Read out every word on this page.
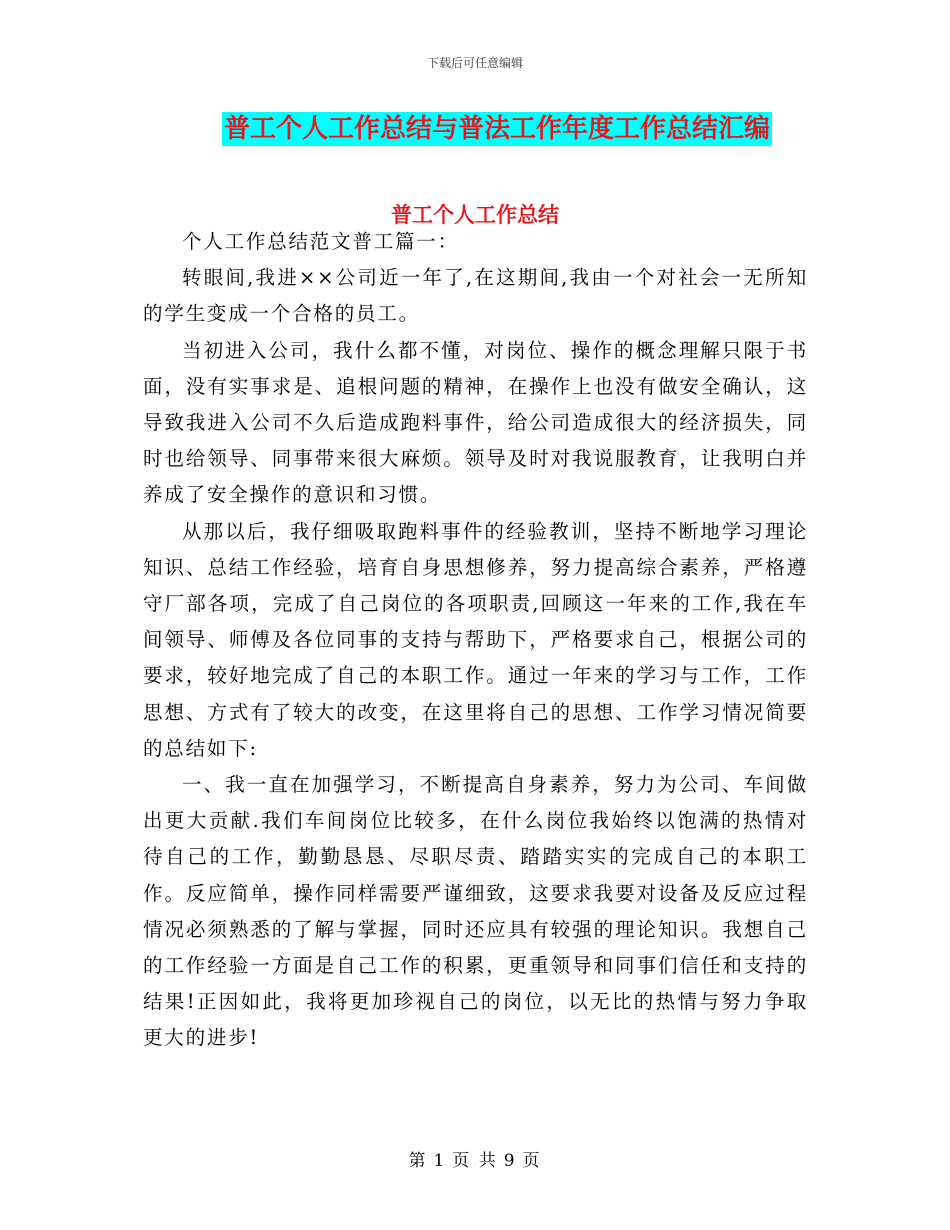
下载后可任意编辑
普工个人工作总结与普法工作年度工作总结汇编
普工个人工作总结

个人工作总结范文普工篇一：

转眼间,我进××公司近一年了,在这期间,我由一个对社会一无所知的学生变成一个合格的员工。

当初进入公司，我什么都不懂，对岗位、操作的概念理解只限于书面，没有实事求是、追根问题的精神，在操作上也没有做安全确认，这导致我进入公司不久后造成跑料事件，给公司造成很大的经济损失，同时也给领导、同事带来很大麻烦。领导及时对我说服教育，让我明白并养成了安全操作的意识和习惯。

从那以后，我仔细吸取跑料事件的经验教训，坚持不断地学习理论知识、总结工作经验，培育自身思想修养，努力提高综合素养，严格遵守厂部各项，完成了自己岗位的各项职责,回顾这一年来的工作,我在车间领导、师傅及各位同事的支持与帮助下，严格要求自己，根据公司的要求，较好地完成了自己的本职工作。通过一年来的学习与工作，工作思想、方式有了较大的改变，在这里将自己的思想、工作学习情况简要的总结如下:

一、我一直在加强学习，不断提高自身素养，努力为公司、车间做出更大贡献.我们车间岗位比较多，在什么岗位我始终以饱满的热情对待自己的工作，勤勤恳恳、尽职尽责、踏踏实实的完成自己的本职工作。反应简单，操作同样需要严谨细致，这要求我要对设备及反应过程情况必须熟悉的了解与掌握，同时还应具有较强的理论知识。我想自己的工作经验一方面是自己工作的积累，更重领导和同事们信任和支持的结果!正因如此，我将更加珍视自己的岗位，以无比的热情与努力争取更大的进步!

第 1 页 共 9 页
